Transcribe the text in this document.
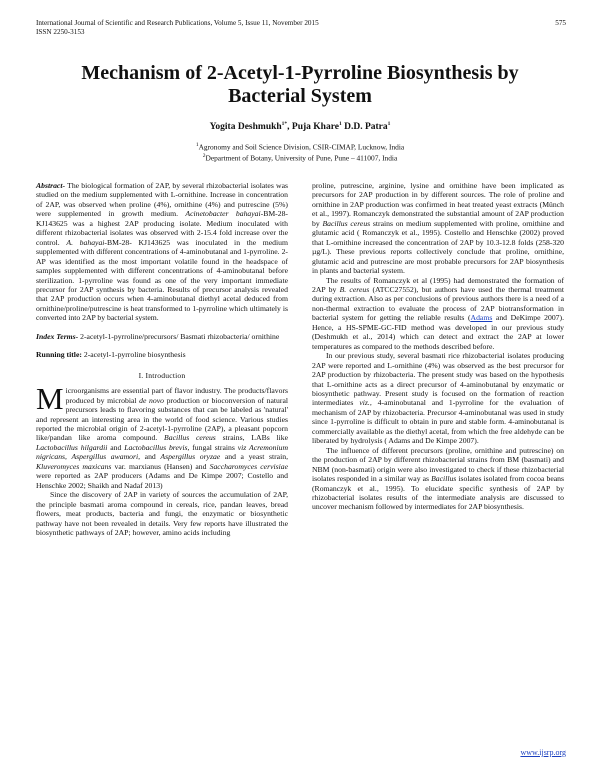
International Journal of Scientific and Research Publications, Volume 5, Issue 11, November 2015
ISSN 2250-3153
575
Mechanism of 2-Acetyl-1-Pyrroline Biosynthesis by Bacterial System
Yogita Deshmukh$^{1*}$, Puja Khare$^1$ D.D. Patra$^1$
$^1$Agronomy and Soil Science Division, CSIR-CIMAP, Lucknow, India
$^2$Department of Botany, University of Pune, Pune – 411007, India

Abstract- The biological formation of 2AP, by several rhizobacterial isolates was studied on the medium supplemented with L-ornithine. Increase in concentration of 2AP, was observed when proline (4%), ornithine (4%) and putrescine (5%) were supplemented in growth medium. Acinetobacter bahayai-BM-28- KJ143625 was a highest 2AP producing isolate. Medium inoculated with different rhizobacterial isolates was observed with 2-15.4 fold increase over the control. A. bahayai-BM-28- KJ143625 was inoculated in the medium supplemented with different concentrations of 4-aminobutanal and 1-pyrroline. 2-AP was identified as the most important volatile found in the headspace of samples supplemented with different concentrations of 4-aminobutanal before sterilization. 1-pyrroline was found as one of the very important immediate precursor for 2AP synthesis by bacteria. Results of precursor analysis revealed that 2AP production occurs when 4-aminobutanal diethyl acetal deduced from ornithine/proline/putrescine is heat transformed to 1-pyrroline which ultimately is converted into 2AP by bacterial system.

Index Terms- 2-acetyl-1-pyrroline/precursors/ Basmati rhizobacteria/ ornithine

Running title: 2-acetyl-1-pyrroline biosynthesis

I. Introduction

Microorganisms are essential part of flavor industry. The products/flavors produced by microbial de novo production or bioconversion of natural precursors leads to flavoring substances that can be labeled as 'natural' and represent an interesting area in the world of food science. Various studies reported the microbial origin of 2-acetyl-1-pyrroline (2AP), a pleasant popcorn like/pandan like aroma compound. Bacillus cereus strains, LABs like Lactobacillus hilgardii and Lactobacillus brevis, fungal strains viz Acremonium nigricans, Aspergillus awamori, and Aspergillus oryzae and a yeast strain, Kluveromyces maxicans var. marxianus (Hansen) and Saccharomyces cervisiae were reported as 2AP producers (Adams and De Kimpe 2007; Costello and Henschke 2002; Shaikh and Nadaf 2013)

Since the discovery of 2AP in variety of sources the accumulation of 2AP, the principle basmati aroma compound in cereals, rice, pandan leaves, bread flowers, meat products, bacteria and fungi, the enzymatic or biosynthetic pathway have not been revealed in details. Very few reports have illustrated the biosynthetic pathways of 2AP; however, amino acids including

proline, putrescine, arginine, lysine and ornithine have been implicated as precursors for 2AP production in by different sources. The role of proline and ornithine in 2AP production was confirmed in heat treated yeast extracts (Münch et al., 1997). Romanczyk demonstrated the substantial amount of 2AP production by Bacillus cereus strains on medium supplemented with proline, ornithine and glutamic acid ( Romanczyk et al., 1995). Costello and Henschke (2002) proved that L-ornithine increased the concentration of 2AP by 10.3-12.8 folds (258-320 µg/L). These previous reports collectively conclude that proline, ornithine, glutamic acid and putrescine are most probable precursors for 2AP biosynthesis in plants and bacterial system.

The results of Romanczyk et al (1995) had demonstrated the formation of 2AP by B. cereus (ATCC27552), but authors have used the thermal treatment during extraction. Also as per conclusions of previous authors there is a need of a non-thermal extraction to evaluate the process of 2AP biotransformation in bacterial system for getting the reliable results (Adams and DeKimpe 2007). Hence, a HS-SPME-GC-FID method was developed in our previous study (Deshmukh et al., 2014) which can detect and extract the 2AP at lower temperatures as compared to the methods described before.

In our previous study, several basmati rice rhizobacterial isolates producing 2AP were reported and L-ornithine (4%) was observed as the best precursor for 2AP production by rhizobacteria. The present study was based on the hypothesis that L-ornithine acts as a direct precursor of 4-aminobutanal by enzymatic or biosynthetic pathway. Present study is focused on the formation of reaction intermediates viz., 4-aminobutanal and 1-pyrroline for the evaluation of mechanism of 2AP by rhizobacteria. Precursor 4-aminobutanal was used in study since 1-pyrroline is difficult to obtain in pure and stable form. 4-aminobutanal is commercially available as the diethyl acetal, from which the free aldehyde can be liberated by hydrolysis ( Adams and De Kimpe 2007).

The influence of different precursors (proline, ornithine and putrescine) on the production of 2AP by different rhizobacterial strains from BM (basmati) and NBM (non-basmati) origin were also investigated to check if these rhizobacterial isolates responded in a similar way as Bacillus isolates isolated from cocoa beans (Romanczyk et al., 1995). To elucidate specific synthesis of 2AP by rhizobacterial isolates results of the intermediate analysis are discussed to uncover mechanism followed by intermediates for 2AP biosynthesis.

www.ijsrp.org
